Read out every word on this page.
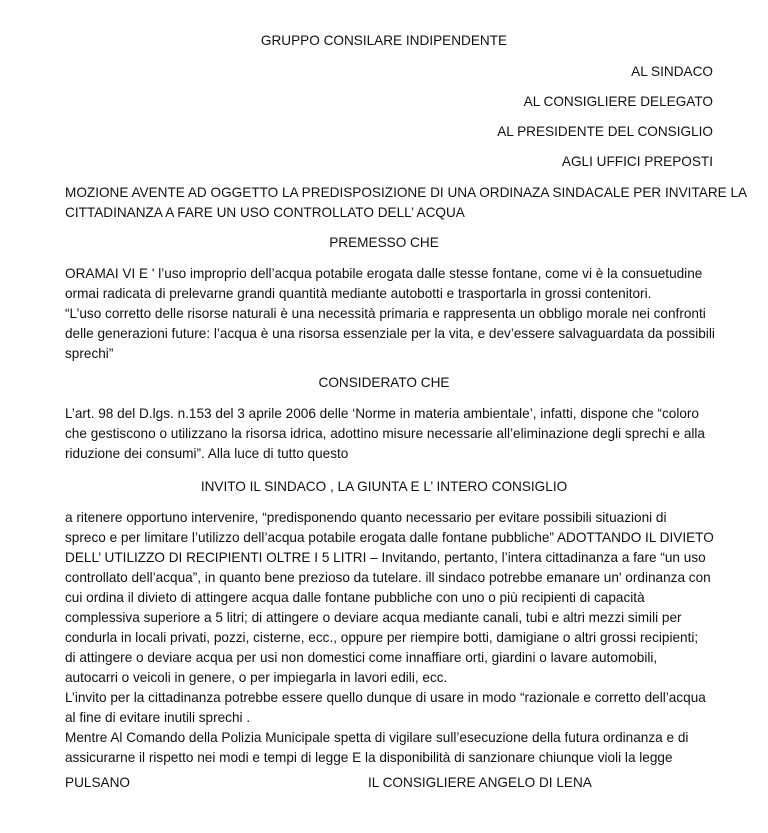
GRUPPO CONSILARE INDIPENDENTE
AL SINDACO
AL CONSIGLIERE DELEGATO
AL PRESIDENTE DEL CONSIGLIO
AGLI UFFICI PREPOSTI

MOZIONE AVENTE AD OGGETTO LA PREDISPOSIZIONE DI UNA ORDINAZA SINDACALE PER INVITARE LA

CITTADINANZA A FARE UN USO CONTROLLATO DELL’ ACQUA

PREMESSO CHE

ORAMAI VI E ' l’uso improprio dell’acqua potabile erogata dalle stesse fontane, come vi è la consuetudine

ormai radicata di prelevarne grandi quantità mediante autobotti e trasportarla in grossi contenitori.

“L’uso corretto delle risorse naturali è una necessità primaria e rappresenta un obbligo morale nei confronti

delle generazioni future: l’acqua è una risorsa essenziale per la vita, e dev’essere salvaguardata da possibili

sprechi”

CONSIDERATO CHE

L’art. 98 del D.lgs. n.153 del 3 aprile 2006 delle ‘Norme in materia ambientale’, infatti, dispone che “coloro

che gestiscono o utilizzano la risorsa idrica, adottino misure necessarie all’eliminazione degli sprechi e alla

riduzione dei consumi”. Alla luce di tutto questo

INVITO IL SINDACO , LA GIUNTA E L’ INTERO CONSIGLIO

a ritenere opportuno intervenire, “predisponendo quanto necessario per evitare possibili situazioni di

spreco e per limitare l’utilizzo dell’acqua potabile erogata dalle fontane pubbliche” ADOTTANDO IL DIVIETO

DELL’ UTILIZZO DI RECIPIENTI OLTRE I 5 LITRI – Invitando, pertanto, l’intera cittadinanza a fare “un uso

controllato dell’acqua”, in quanto bene prezioso da tutelare. ill sindaco potrebbe emanare un' ordinanza con

cui ordina il divieto di attingere acqua dalle fontane pubbliche con uno o più recipienti di capacità

complessiva superiore a 5 litri; di attingere o deviare acqua mediante canali, tubi e altri mezzi simili per

condurla in locali privati, pozzi, cisterne, ecc., oppure per riempire botti, damigiane o altri grossi recipienti;

di attingere o deviare acqua per usi non domestici come innaffiare orti, giardini o lavare automobili,

autocarri o veicoli in genere, o per impiegarla in lavori edili, ecc.

L’invito per la cittadinanza potrebbe essere quello dunque di usare in modo “razionale e corretto dell’acqua

al fine di evitare inutili sprechi .

Mentre Al Comando della Polizia Municipale spetta di vigilare sull’esecuzione della futura ordinanza e di

assicurarne il rispetto nei modi e tempi di legge E la disponibilità di sanzionare chiunque violi la legge

PULSANO	IL CONSIGLIERE ANGELO DI LENA
